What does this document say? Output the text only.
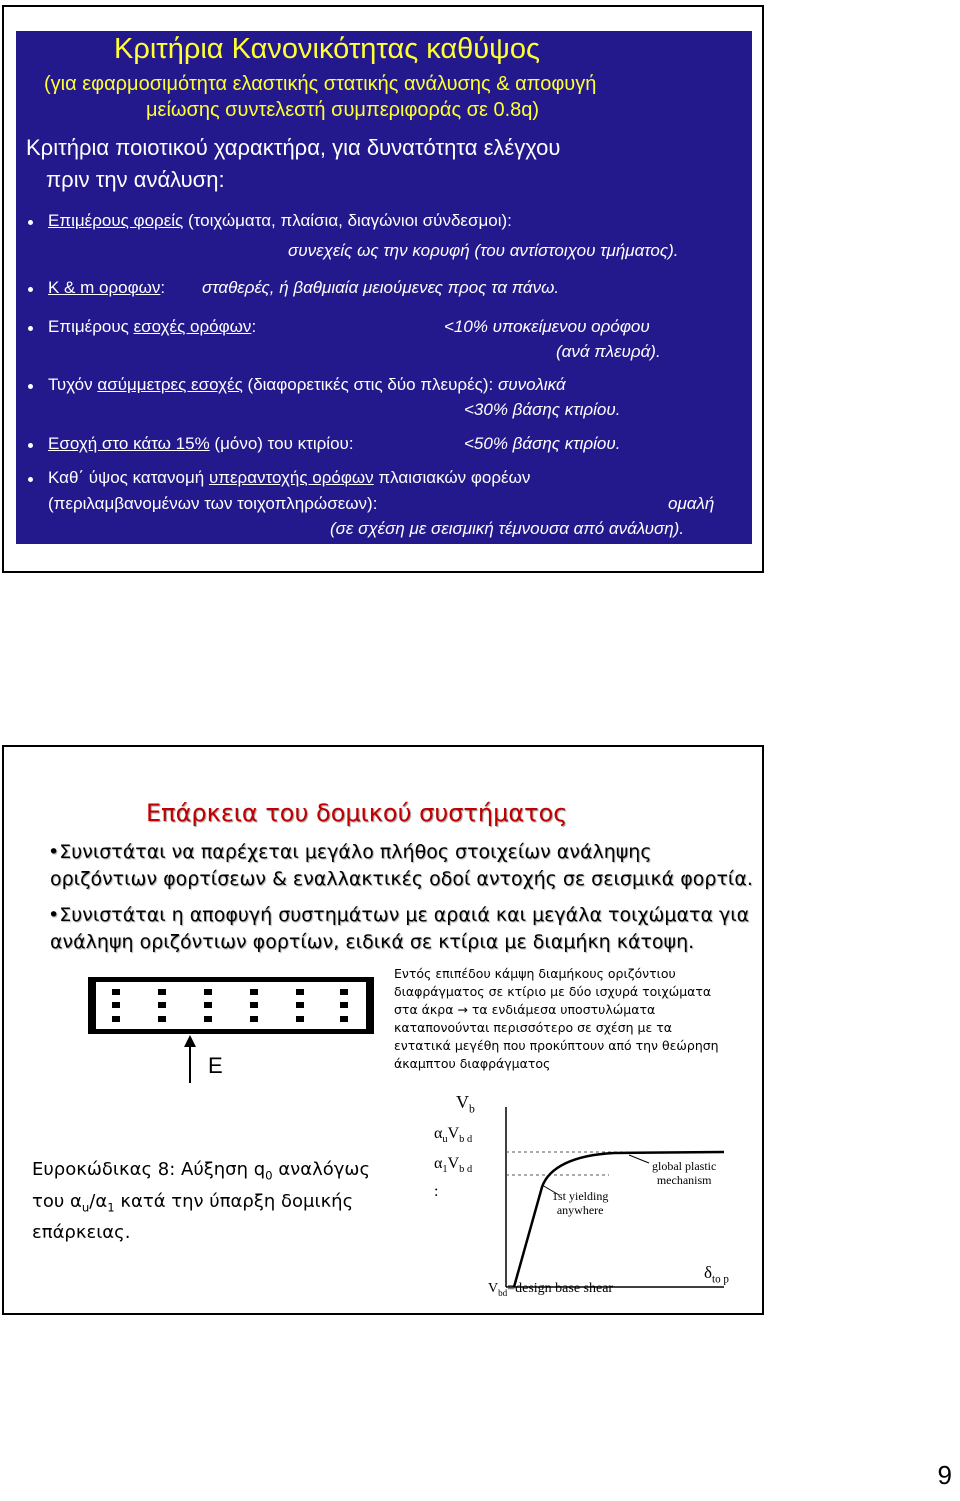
Κριτήρια Κανονικότητας καθύψος
(για εφαρμοσιμότητα ελαστικής στατικής ανάλυσης & αποφυγή
μείωσης συντελεστή συμπεριφοράς σε 0.8q)
Κριτήρια ποιοτικού χαρακτήρα, για δυνατότητα ελέγχου
πριν την ανάλυση:
Επιμέρους φορείς (τοιχώματα, πλαίσια, διαγώνιοι σύνδεσμοι):
συνεχείς ως την κορυφή (του αντίστοιχου τμήματος).
K & m οροφων: σταθερές, ή βαθμιαία μειούμενες προς τα πάνω.
Επιμέρους εσοχές ορόφων:	<10% υποκείμενου ορόφου
(ανά πλευρά).
Τυχόν ασύμμετρες εσοχές (διαφορετικές στις δύο πλευρές): συνολικά
<30% βάσης κτιρίου.
Εσοχή στο κάτω 15% (μόνο) του κτιρίου:	<50% βάσης κτιρίου.
Καθ΄ ύψος κατανομή υπεραντοχής ορόφων πλαισιακών φορέων
(περιλαμβανομένων των τοιχοπληρώσεων):	ομαλή
(σε σχέση με σεισμική τέμνουσα από ανάλυση).
Επάρκεια του δομικού συστήματος
•Συνιστάται να παρέχεται μεγάλο πλήθος στοιχείων ανάληψης
οριζόντιων φορτίσεων & εναλλακτικές οδοί αντοχής σε σεισμικά φορτία.
•Συνιστάται η αποφυγή συστημάτων με αραιά και μεγάλα τοιχώματα για
ανάληψη οριζόντιων φορτίων, ειδικά σε κτίρια με διαμήκη κάτοψη.
E
Εντός επιπέδου κάμψη διαμήκους οριζόντιου διαφράγματος σε κτίριο με δύο ισχυρά τοιχώματα στα άκρα → τα ενδιάμεσα υποστυλώματα καταπονούνται περισσότερο σε σχέση με τα εντατικά μεγέθη που προκύπτουν από την θεώρηση άκαμπτου διαφράγματος
Ευροκώδικας 8: Αύξηση $q_0$ αναλόγως
του $\alpha_u/\alpha_1$ κατά την ύπαρξη δομικής
επάρκειας.
$V_b$
$\alpha_uV_{b d}$
$\alpha_1V_{b d}$
:
global plastic
mechanism
1st yielding
anywhere
$\delta_{to p}$
$V_{bd}=design$ base shear
9
